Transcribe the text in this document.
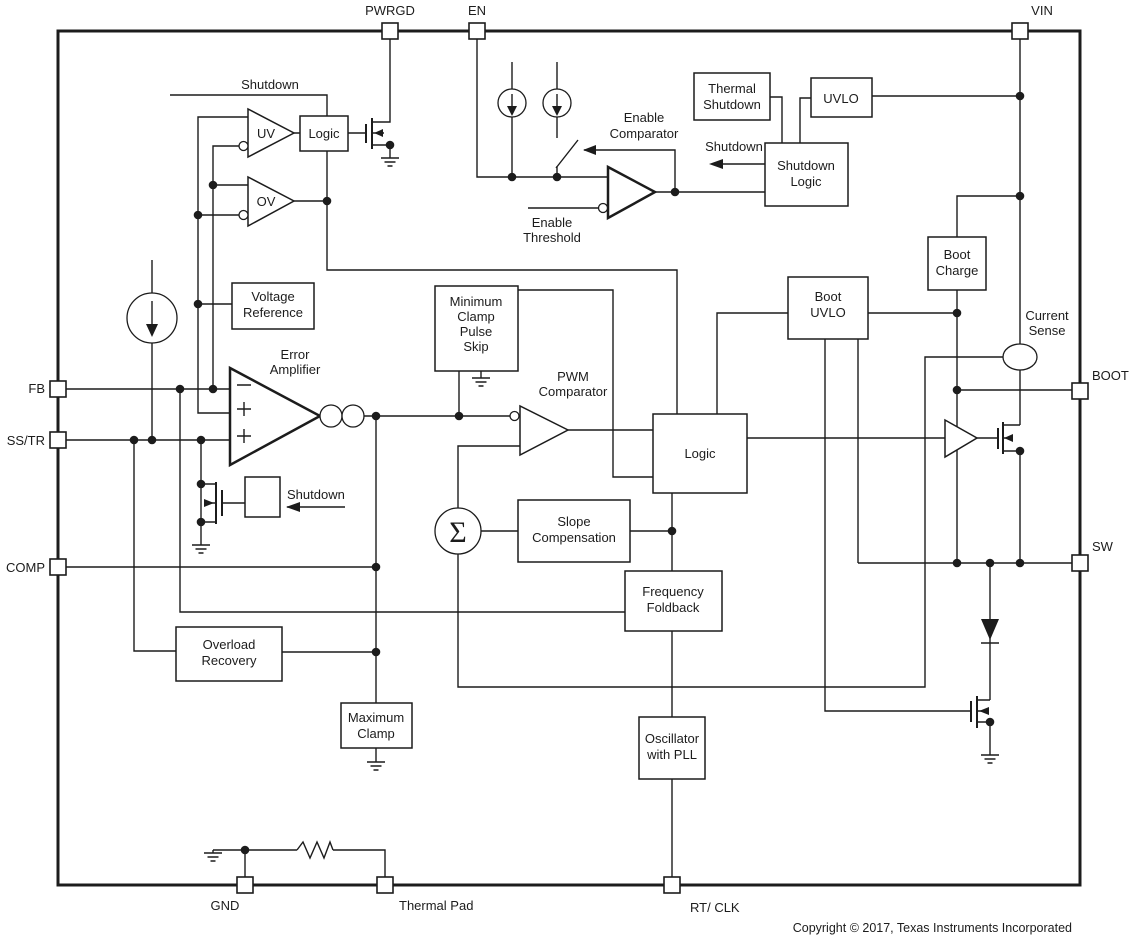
Σ
PWRGD	EN	VIN
FB
SS/TR
COMP
BOOT
SW
GND	Thermal Pad	RT/ CLK
Thermal
Shutdown	UVLO
Shutdown
Logic
Boot
Charge
Boot
UVLO
Voltage
Reference
Minimum
Clamp
Pulse
Skip
Logic
Logic
Slope
Compensation
Frequency
Foldback
Overload
Recovery
Maximum
Clamp	Oscillator
with PLL
Shutdown
Shutdown
Shutdown
Enable
Comparator
Enable
Threshold
Error
Amplifier	PWM
Comparator
Current
Sense
UV
OV
Copyright © 2017, Texas Instruments Incorporated
